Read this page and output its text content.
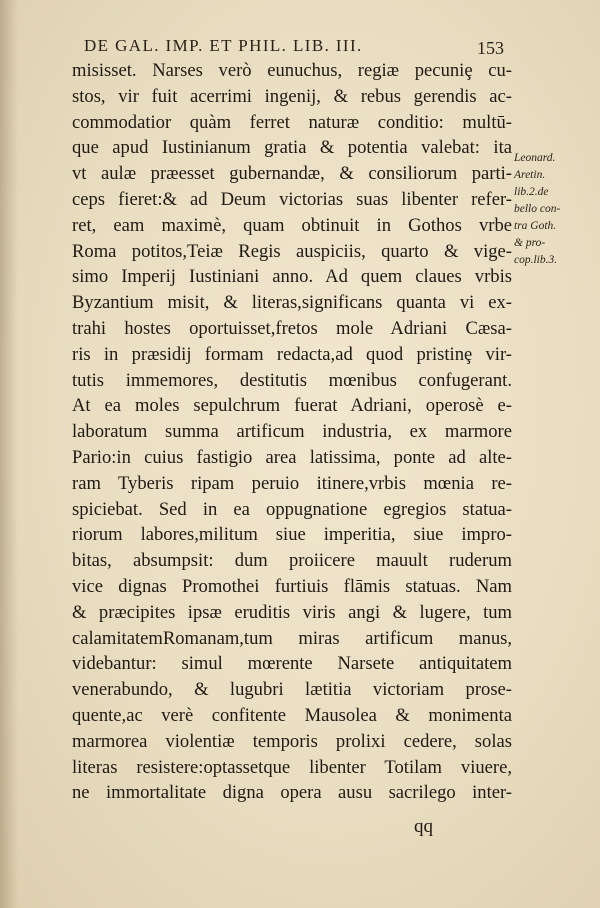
DE GAL. IMP. ET PHIL. LIB. III.	153
misisset. Narses verò eunuchus, regiæ pecuniȩ cu-
stos, vir fuit acerrimi ingenij, & rebus gerendis ac-
commodatior quàm ferret naturæ conditio: multū-
que apud Iustinianum gratia & potentia valebat: ita
vt aulæ præesset gubernandæ, & consiliorum parti-
ceps fieret:& ad Deum victorias suas libenter refer-
ret, eam maximè, quam obtinuit in Gothos vrbe
Roma potitos,Teiæ Regis auspiciis, quarto & vige-
simo Imperij Iustiniani anno. Ad quem claues vrbis
Byzantium misit, & literas,significans quanta vi ex-
trahi hostes oportuisset,fretos mole Adriani Cæsa-
ris in præsidij formam redacta,ad quod pristinȩ vir-
tutis immemores, destitutis mœnibus confugerant.
At ea moles sepulchrum fuerat Adriani, operosè e-
laboratum summa artificum industria, ex marmore
Pario:in cuius fastigio area latissima, ponte ad alte-
ram Tyberis ripam peruio itinere,vrbis mœnia re-
spiciebat. Sed in ea oppugnatione egregios statua-
riorum labores,militum siue imperitia, siue impro-
bitas, absumpsit: dum proiicere mauult ruderum
vice dignas Promothei furtiuis flāmis statuas. Nam
& præcipites ipsæ eruditis viris angi & lugere, tum
calamitatemRomanam,tum miras artificum manus,
videbantur: simul mœrente Narsete antiquitatem
venerabundo, & lugubri lætitia victoriam prose-
quente,ac verè confitente Mausolea & monimenta
marmorea violentiæ temporis prolixi cedere, solas
literas resistere:optassetque libenter Totilam viuere,
ne immortalitate digna opera ausu sacrilego inter-
Leonard.
Aretin.
lib.2.de
bello con-
tra Goth.
& pro-
cop.lib.3.
qq
